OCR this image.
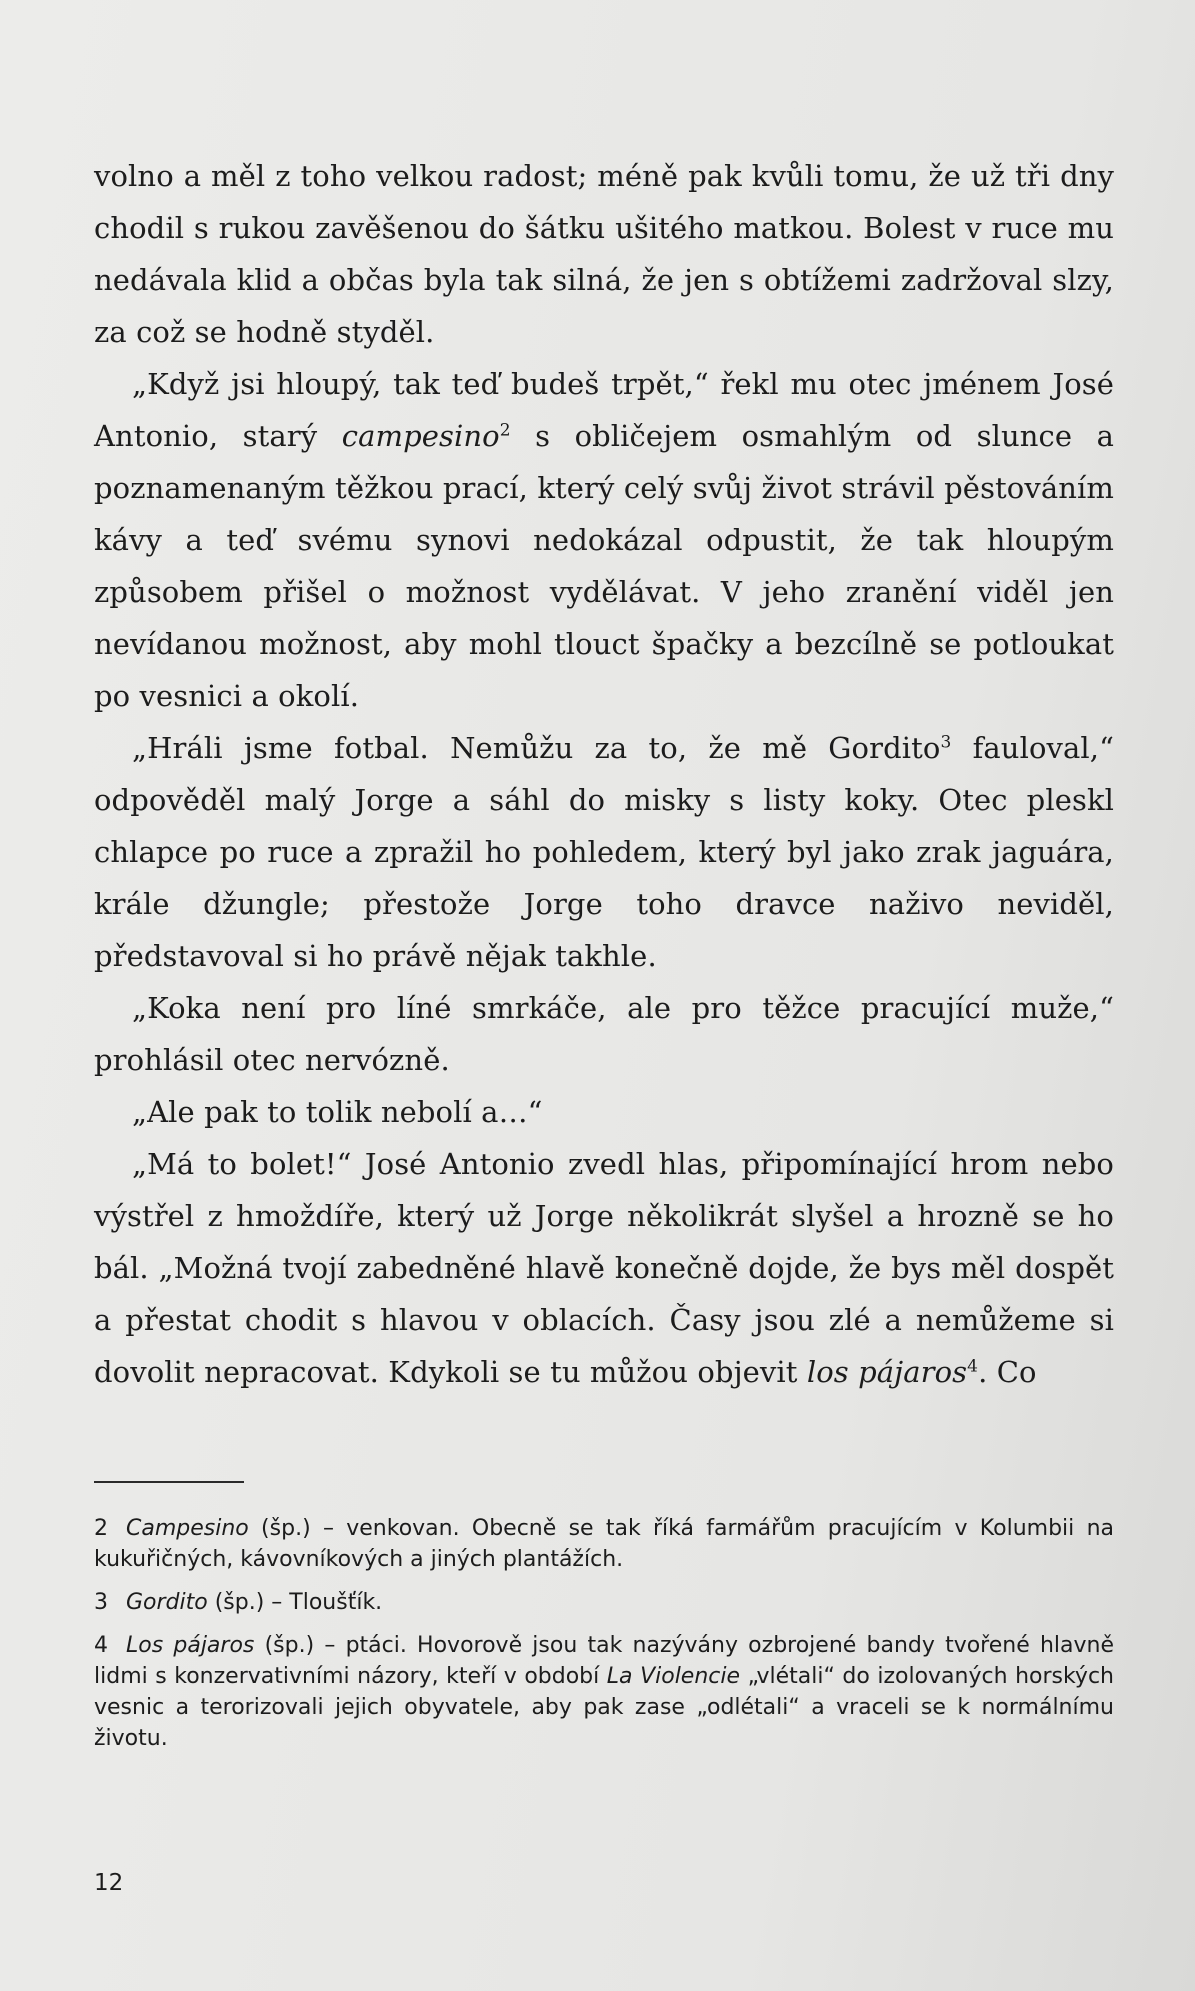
volno a měl z toho velkou radost; méně pak kvůli tomu, že už tři dny chodil s rukou zavěšenou do šátku ušitého matkou. Bolest v ruce mu nedávala klid a občas byla tak silná, že jen s obtížemi zadržoval slzy, za což se hodně styděl.

„Když jsi hloupý, tak teď budeš trpět,“ řekl mu otec jménem José Antonio, starý campesino$^2$ s obličejem osmahlým od slunce a poznamenaným těžkou prací, který celý svůj život strávil pěstováním kávy a teď svému synovi nedokázal odpustit, že tak hloupým způsobem přišel o možnost vydělávat. V jeho zranění viděl jen nevídanou možnost, aby mohl tlouct špačky a bezcílně se potloukat po vesnici a okolí.

„Hráli jsme fotbal. Nemůžu za to, že mě Gordito$^3$ fauloval,“ odpověděl malý Jorge a sáhl do misky s listy koky. Otec pleskl chlapce po ruce a zpražil ho pohledem, který byl jako zrak jaguára, krále džungle; přestože Jorge toho dravce naživo neviděl, představoval si ho právě nějak takhle.

„Koka není pro líné smrkáče, ale pro těžce pracující muže,“ prohlásil otec nervózně.

„Ale pak to tolik nebolí a…“

„Má to bolet!“ José Antonio zvedl hlas, připomínající hrom nebo výstřel z hmoždíře, který už Jorge několikrát slyšel a hrozně se ho bál. „Možná tvojí zabedněné hlavě konečně dojde, že bys měl dospět a přestat chodit s hlavou v oblacích. Časy jsou zlé a nemůžeme si dovolit nepracovat. Kdykoli se tu můžou objevit los pájaros$^4$. Co

2 Campesino (šp.) – venkovan. Obecně se tak říká farmářům pracujícím v Kolumbii na kukuřičných, kávovníkových a jiných plantážích.

3 Gordito (šp.) – Tloušťík.

4 Los pájaros (šp.) – ptáci. Hovorově jsou tak nazývány ozbrojené bandy tvořené hlavně lidmi s konzervativními názory, kteří v období La Violencie „vlétali“ do izolovaných horských vesnic a terorizovali jejich obyvatele, aby pak zase „odlétali“ a vraceli se k normálnímu životu.

12
